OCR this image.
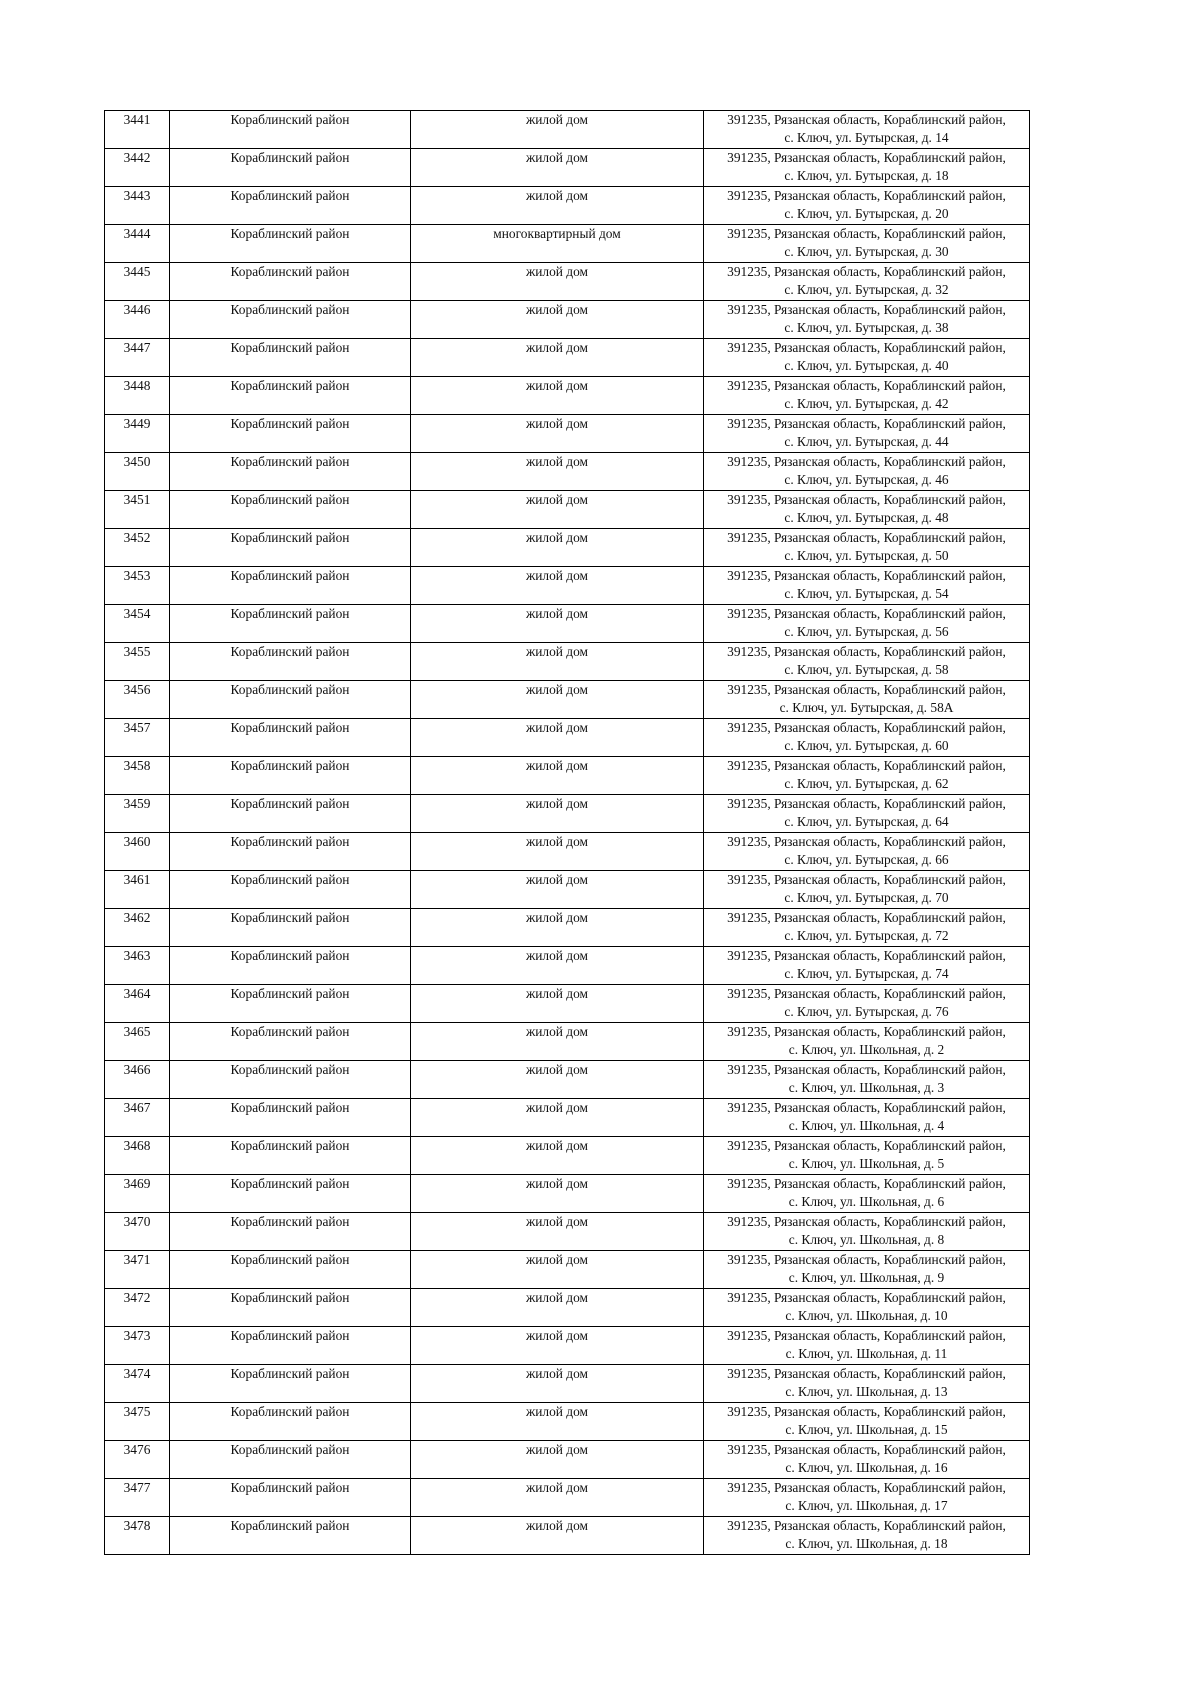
3441	Кораблинский район	жилой дом	391235, Рязанская область, Кораблинский район,
с. Ключ, ул. Бутырская, д. 14

3442	Кораблинский район	жилой дом	391235, Рязанская область, Кораблинский район,
с. Ключ, ул. Бутырская, д. 18

3443	Кораблинский район	жилой дом	391235, Рязанская область, Кораблинский район,
с. Ключ, ул. Бутырская, д. 20

3444	Кораблинский район	многоквартирный дом	391235, Рязанская область, Кораблинский район,
с. Ключ, ул. Бутырская, д. 30

3445	Кораблинский район	жилой дом	391235, Рязанская область, Кораблинский район,
с. Ключ, ул. Бутырская, д. 32

3446	Кораблинский район	жилой дом	391235, Рязанская область, Кораблинский район,
с. Ключ, ул. Бутырская, д. 38

3447	Кораблинский район	жилой дом	391235, Рязанская область, Кораблинский район,
с. Ключ, ул. Бутырская, д. 40

3448	Кораблинский район	жилой дом	391235, Рязанская область, Кораблинский район,
с. Ключ, ул. Бутырская, д. 42

3449	Кораблинский район	жилой дом	391235, Рязанская область, Кораблинский район,
с. Ключ, ул. Бутырская, д. 44

3450	Кораблинский район	жилой дом	391235, Рязанская область, Кораблинский район,
с. Ключ, ул. Бутырская, д. 46

3451	Кораблинский район	жилой дом	391235, Рязанская область, Кораблинский район,
с. Ключ, ул. Бутырская, д. 48

3452	Кораблинский район	жилой дом	391235, Рязанская область, Кораблинский район,
с. Ключ, ул. Бутырская, д. 50

3453	Кораблинский район	жилой дом	391235, Рязанская область, Кораблинский район,
с. Ключ, ул. Бутырская, д. 54

3454	Кораблинский район	жилой дом	391235, Рязанская область, Кораблинский район,
с. Ключ, ул. Бутырская, д. 56

3455	Кораблинский район	жилой дом	391235, Рязанская область, Кораблинский район,
с. Ключ, ул. Бутырская, д. 58

3456	Кораблинский район	жилой дом	391235, Рязанская область, Кораблинский район,
с. Ключ, ул. Бутырская, д. 58А

3457	Кораблинский район	жилой дом	391235, Рязанская область, Кораблинский район,
с. Ключ, ул. Бутырская, д. 60

3458	Кораблинский район	жилой дом	391235, Рязанская область, Кораблинский район,
с. Ключ, ул. Бутырская, д. 62

3459	Кораблинский район	жилой дом	391235, Рязанская область, Кораблинский район,
с. Ключ, ул. Бутырская, д. 64

3460	Кораблинский район	жилой дом	391235, Рязанская область, Кораблинский район,
с. Ключ, ул. Бутырская, д. 66

3461	Кораблинский район	жилой дом	391235, Рязанская область, Кораблинский район,
с. Ключ, ул. Бутырская, д. 70

3462	Кораблинский район	жилой дом	391235, Рязанская область, Кораблинский район,
с. Ключ, ул. Бутырская, д. 72

3463	Кораблинский район	жилой дом	391235, Рязанская область, Кораблинский район,
с. Ключ, ул. Бутырская, д. 74

3464	Кораблинский район	жилой дом	391235, Рязанская область, Кораблинский район,
с. Ключ, ул. Бутырская, д. 76

3465	Кораблинский район	жилой дом	391235, Рязанская область, Кораблинский район,
с. Ключ, ул. Школьная, д. 2

3466	Кораблинский район	жилой дом	391235, Рязанская область, Кораблинский район,
с. Ключ, ул. Школьная, д. 3

3467	Кораблинский район	жилой дом	391235, Рязанская область, Кораблинский район,
с. Ключ, ул. Школьная, д. 4

3468	Кораблинский район	жилой дом	391235, Рязанская область, Кораблинский район,
с. Ключ, ул. Школьная, д. 5

3469	Кораблинский район	жилой дом	391235, Рязанская область, Кораблинский район,
с. Ключ, ул. Школьная, д. 6

3470	Кораблинский район	жилой дом	391235, Рязанская область, Кораблинский район,
с. Ключ, ул. Школьная, д. 8

3471	Кораблинский район	жилой дом	391235, Рязанская область, Кораблинский район,
с. Ключ, ул. Школьная, д. 9

3472	Кораблинский район	жилой дом	391235, Рязанская область, Кораблинский район,
с. Ключ, ул. Школьная, д. 10

3473	Кораблинский район	жилой дом	391235, Рязанская область, Кораблинский район,
с. Ключ, ул. Школьная, д. 11

3474	Кораблинский район	жилой дом	391235, Рязанская область, Кораблинский район,
с. Ключ, ул. Школьная, д. 13

3475	Кораблинский район	жилой дом	391235, Рязанская область, Кораблинский район,
с. Ключ, ул. Школьная, д. 15

3476	Кораблинский район	жилой дом	391235, Рязанская область, Кораблинский район,
с. Ключ, ул. Школьная, д. 16

3477	Кораблинский район	жилой дом	391235, Рязанская область, Кораблинский район,
с. Ключ, ул. Школьная, д. 17

3478	Кораблинский район	жилой дом	391235, Рязанская область, Кораблинский район,
с. Ключ, ул. Школьная, д. 18
